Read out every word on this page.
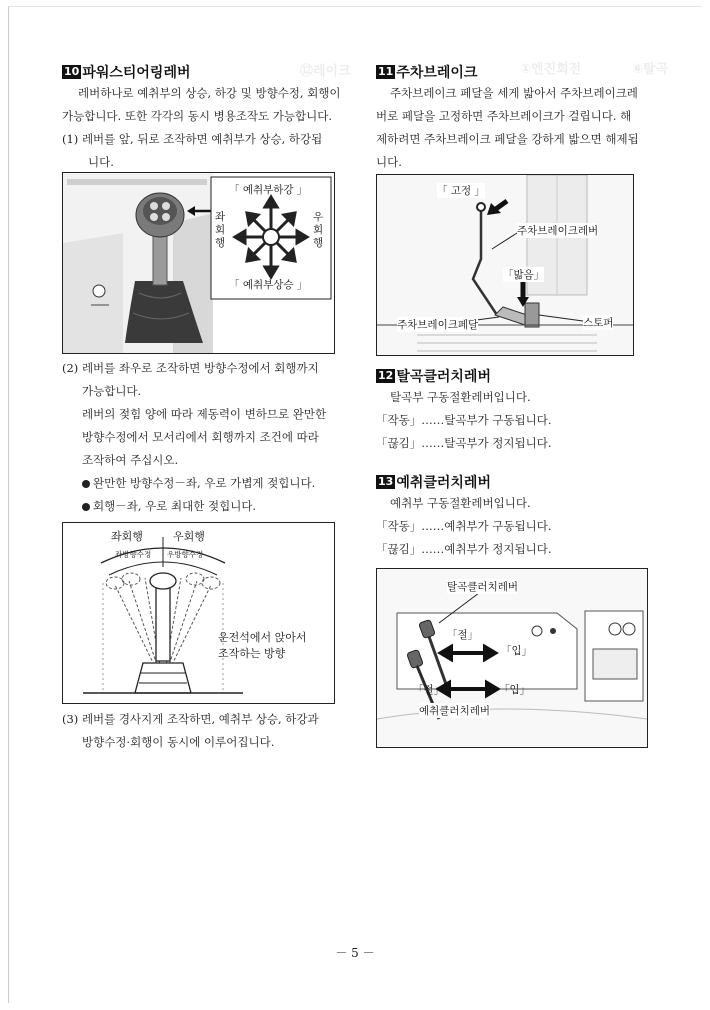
⑫레이크	①엔진회전	⑥탈곡
10 파워스티어링레버

레버하나로 예취부의 상승, 하강 및 방향수정, 회행이

가능합니다. 또한 각각의 동시 병용조작도 가능합니다.

(1) 레버를 앞, 뒤로 조작하면 예취부가 상승, 하강됩

니다.

「 예취부하강 」
「 예취부상승 」
좌회행
우회행

(2) 레버를 좌우로 조작하면 방향수정에서 회행까지

가능합니다.

레버의 젖힘 양에 따라 제동력이 변하므로 완만한

방향수정에서 모서리에서 회행까지 조건에 따라

조작하여 주십시오.

완만한 방향수정－좌, 우로 가볍게 젖힙니다.

회행－좌, 우로 최대한 젖힙니다.

좌회행	우회행
좌방향수정 우방향수정
운전석에서 앉아서
조작하는 방향

(3) 레버를 경사지게 조작하면, 예취부 상승, 하강과

방향수정·회행이 동시에 이루어집니다.

11 주차브레이크

주차브레이크 페달을 세게 밟아서 주차브레이크레

버로 페달을 고정하면 주차브레이크가 걸립니다. 해

제하려면 주차브레이크 페달을 강하게 밟으면 해제됩

니다.

「 고정 」
주차브레이크레버
「밟음」
주차브레이크페달	스토퍼
12 탈곡클러치레버

탈곡부 구동절환레버입니다.

「작동」……탈곡부가 구동됩니다.

「끊김」……탈곡부가 정지됩니다.

13 예취클러치레버

예취부 구동절환레버입니다.

「작동」……예취부가 구동됩니다.

「끊김」……예취부가 정지됩니다.

탈곡클러치레버
「절」
「입」
「절」	「입」
예취클러치레버
－ 5 －
